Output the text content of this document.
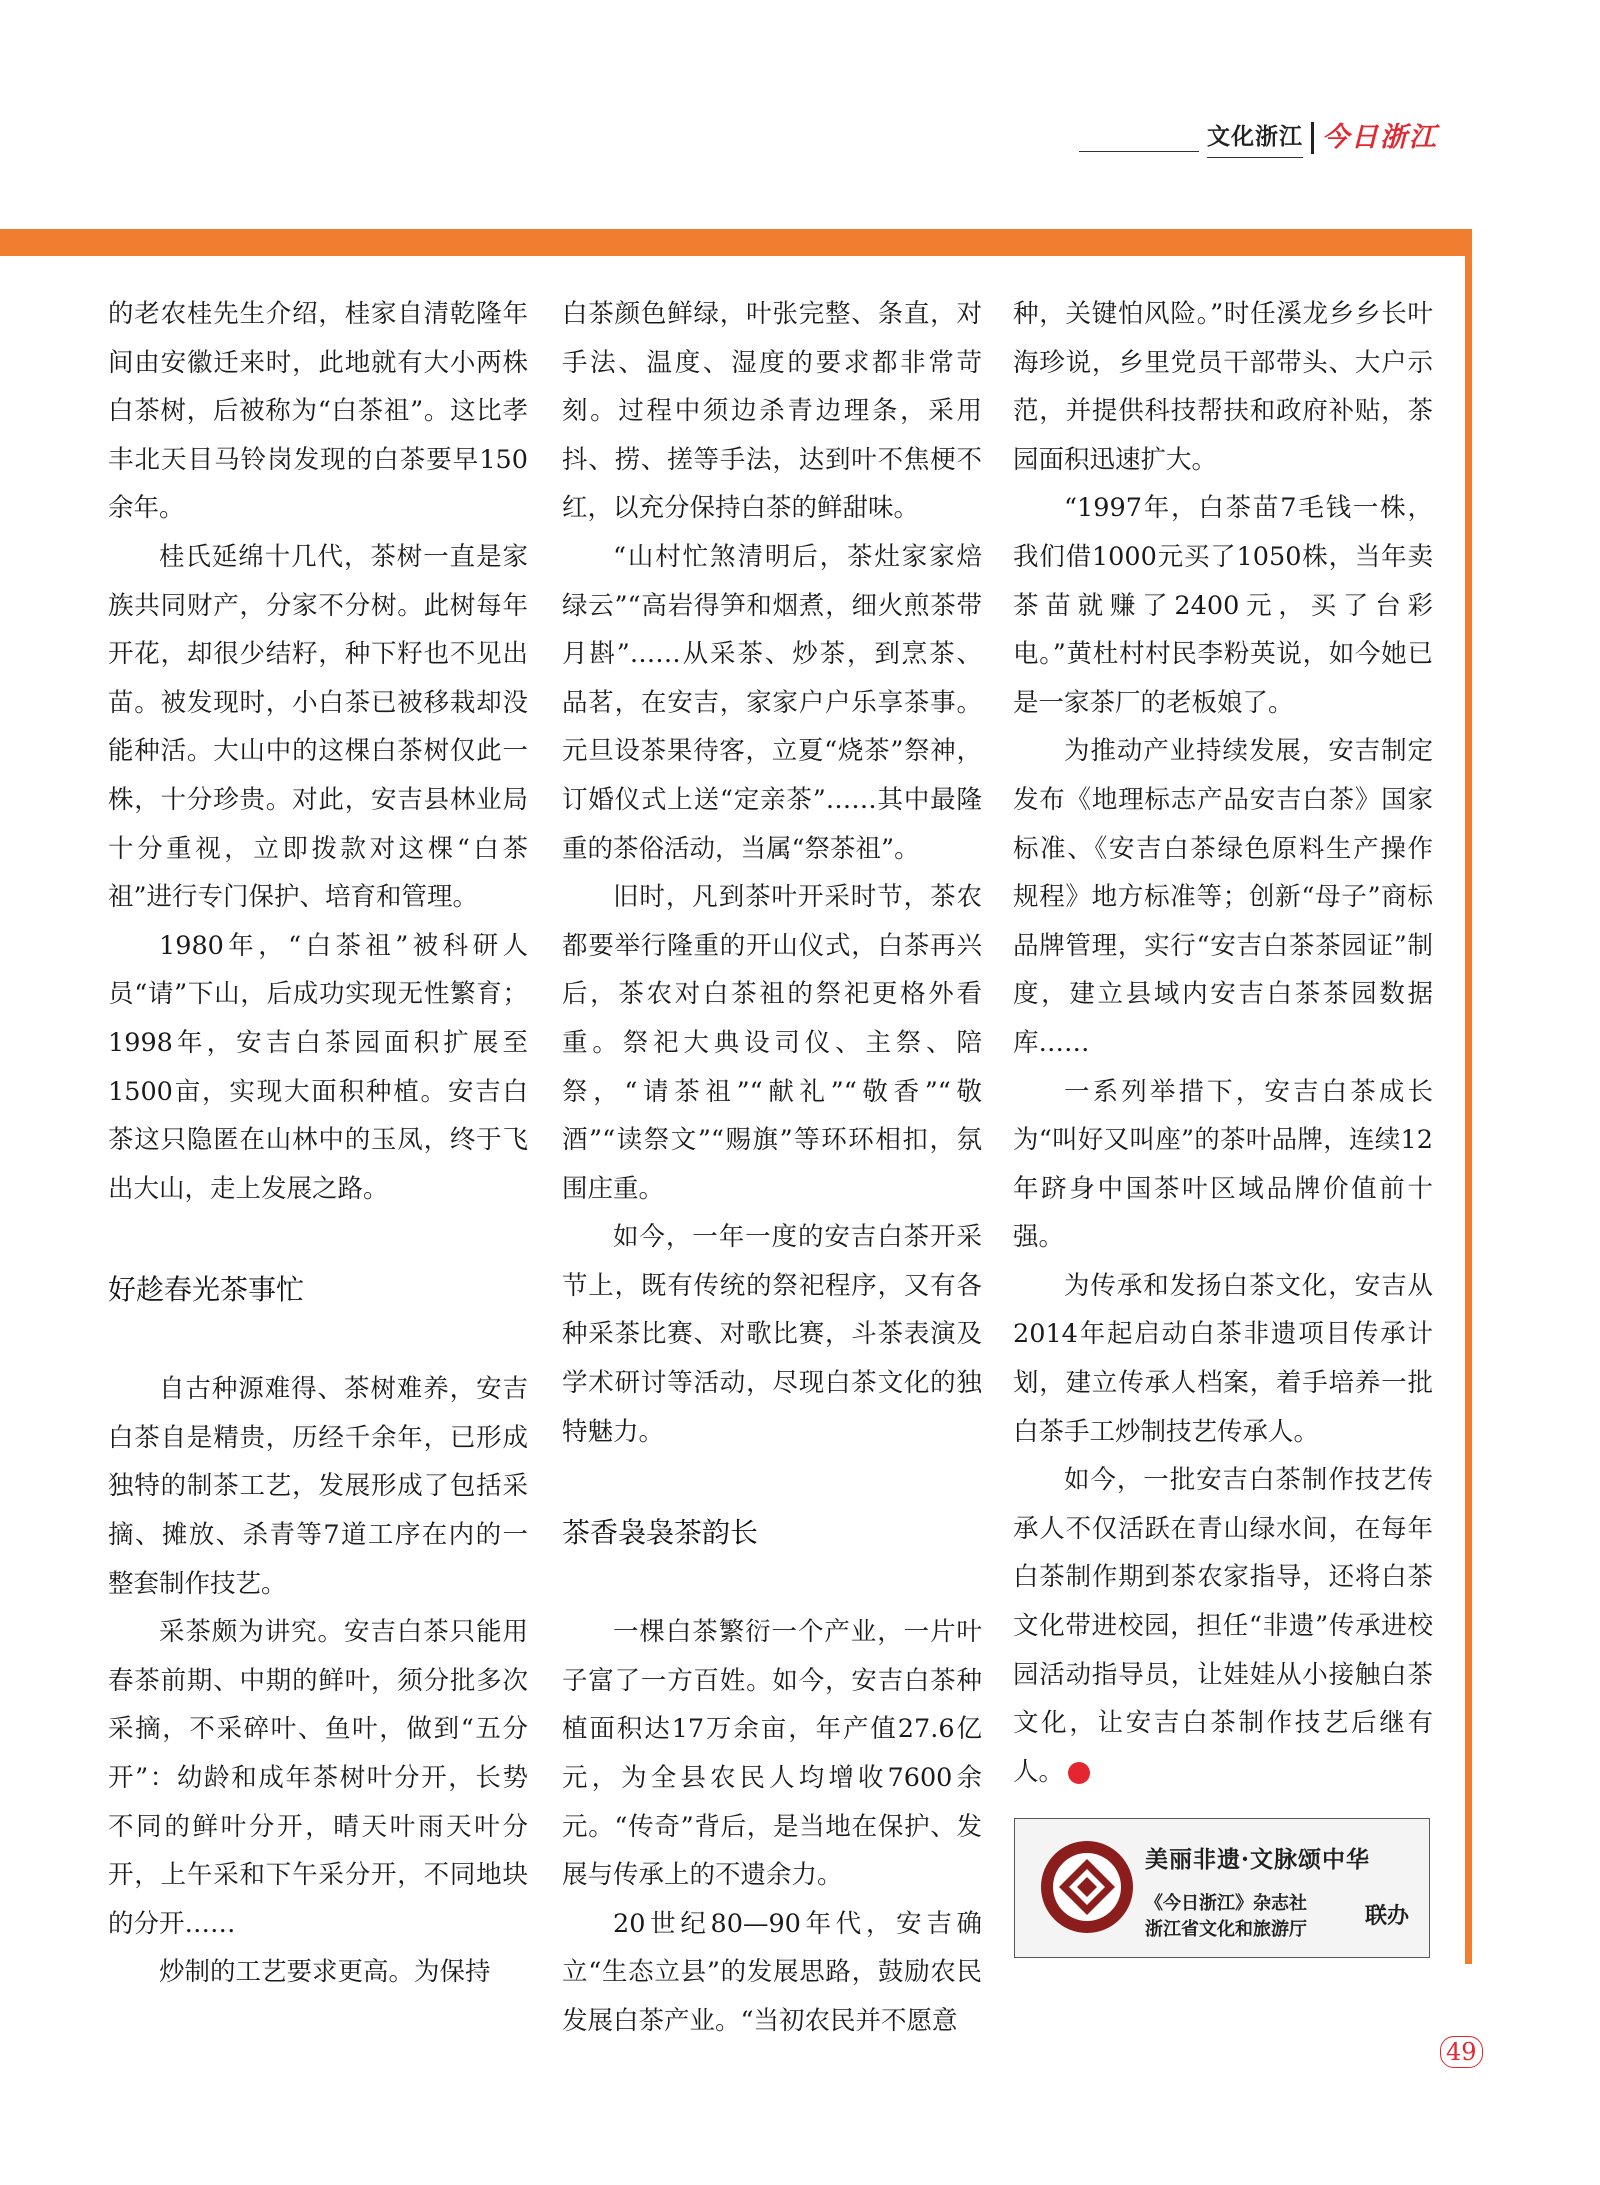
文化浙江 今日浙江

的老农桂先生介绍，桂家自清乾隆年间由安徽迁来时，此地就有大小两株白茶树，后被称为“白茶祖”。这比孝丰北天目马铃岗发现的白茶要早150余年。

桂氏延绵十几代，茶树一直是家族共同财产，分家不分树。此树每年开花，却很少结籽，种下籽也不见出苗。被发现时，小白茶已被移栽却没能种活。大山中的这棵白茶树仅此一株，十分珍贵。对此，安吉县林业局十分重视，立即拨款对这棵“白茶祖”进行专门保护、培育和管理。

1980年，“白茶祖”被科研人员“请”下山，后成功实现无性繁育；1998年，安吉白茶园面积扩展至1500亩，实现大面积种植。安吉白茶这只隐匿在山林中的玉凤，终于飞出大山，走上发展之路。

好趁春光茶事忙

自古种源难得、茶树难养，安吉白茶自是精贵，历经千余年，已形成独特的制茶工艺，发展形成了包括采摘、摊放、杀青等7道工序在内的一整套制作技艺。

采茶颇为讲究。安吉白茶只能用春茶前期、中期的鲜叶，须分批多次采摘，不采碎叶、鱼叶，做到“五分开”：幼龄和成年茶树叶分开，长势不同的鲜叶分开，晴天叶雨天叶分开，上午采和下午采分开，不同地块的分开……

炒制的工艺要求更高。为保持

白茶颜色鲜绿，叶张完整、条直，对手法、温度、湿度的要求都非常苛刻。过程中须边杀青边理条，采用抖、捞、搓等手法，达到叶不焦梗不红，以充分保持白茶的鲜甜味。

“山村忙煞清明后，茶灶家家焙绿云”“高岩得笋和烟煮，细火煎茶带月斟”……从采茶、炒茶，到烹茶、品茗，在安吉，家家户户乐享茶事。元旦设茶果待客，立夏“烧茶”祭神，订婚仪式上送“定亲茶”……其中最隆重的茶俗活动，当属“祭茶祖”。

旧时，凡到茶叶开采时节，茶农都要举行隆重的开山仪式，白茶再兴后，茶农对白茶祖的祭祀更格外看重。祭祀大典设司仪、主祭、陪祭，“请茶祖”“献礼”“敬香”“敬酒”“读祭文”“赐旗”等环环相扣，氛围庄重。

如今，一年一度的安吉白茶开采节上，既有传统的祭祀程序，又有各种采茶比赛、对歌比赛，斗茶表演及学术研讨等活动，尽现白茶文化的独特魅力。

茶香袅袅茶韵长

一棵白茶繁衍一个产业，一片叶子富了一方百姓。如今，安吉白茶种植面积达17万余亩，年产值27.6亿元，为全县农民人均增收7600余元。“传奇”背后，是当地在保护、发展与传承上的不遗余力。

20世纪80—90年代，安吉确立“生态立县”的发展思路，鼓励农民发展白茶产业。“当初农民并不愿意

种，关键怕风险。”时任溪龙乡乡长叶海珍说，乡里党员干部带头、大户示范，并提供科技帮扶和政府补贴，茶园面积迅速扩大。

“1997年，白茶苗7毛钱一株，我们借1000元买了1050株，当年卖茶苗就赚了2400元，买了台彩电。”黄杜村村民李粉英说，如今她已是一家茶厂的老板娘了。

为推动产业持续发展，安吉制定发布《地理标志产品安吉白茶》国家标准、《安吉白茶绿色原料生产操作规程》地方标准等；创新“母子”商标品牌管理，实行“安吉白茶茶园证”制度，建立县域内安吉白茶茶园数据库……

一系列举措下，安吉白茶成长为“叫好又叫座”的茶叶品牌，连续12年跻身中国茶叶区域品牌价值前十强。

为传承和发扬白茶文化，安吉从2014年起启动白茶非遗项目传承计划，建立传承人档案，着手培养一批白茶手工炒制技艺传承人。

如今，一批安吉白茶制作技艺传承人不仅活跃在青山绿水间，在每年白茶制作期到茶农家指导，还将白茶文化带进校园，担任“非遗”传承进校园活动指导员，让娃娃从小接触白茶文化，让安吉白茶制作技艺后继有人。	今

美丽非遗·文脉颂中华
《今日浙江》杂志社
浙江省文化和旅游厅
联办
49
